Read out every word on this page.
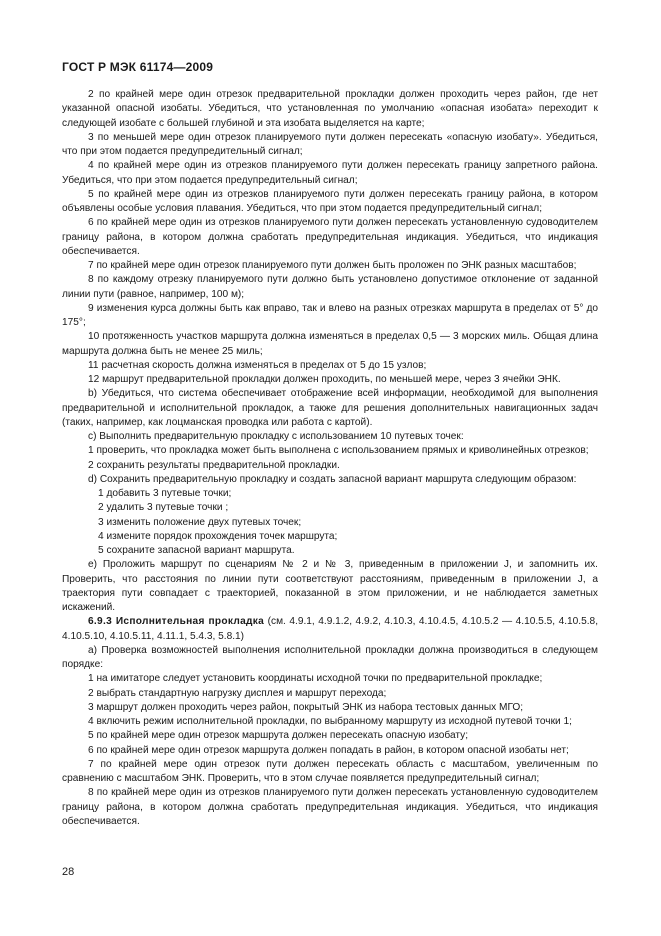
ГОСТ Р МЭК 61174—2009

2 по крайней мере один отрезок предварительной прокладки должен проходить через район, где нет указанной опасной изобаты. Убедиться, что установленная по умолчанию «опасная изобата» переходит к следующей изобате с большей глубиной и эта изобата выделяется на карте;

3 по меньшей мере один отрезок планируемого пути должен пересекать «опасную изобату». Убедиться, что при этом подается предупредительный сигнал;

4 по крайней мере один из отрезков планируемого пути должен пересекать границу запретного района. Убедиться, что при этом подается предупредительный сигнал;

5 по крайней мере один из отрезков планируемого пути должен пересекать границу района, в котором объявлены особые условия плавания. Убедиться, что при этом подается предупредительный сигнал;

6 по крайней мере один из отрезков планируемого пути должен пересекать установленную судоводителем границу района, в котором должна сработать предупредительная индикация. Убедиться, что индикация обеспечивается.

7 по крайней мере один отрезок планируемого пути должен быть проложен по ЭНК разных масштабов;

8 по каждому отрезку планируемого пути должно быть установлено допустимое отклонение от заданной линии пути (равное, например, 100 м);

9 изменения курса должны быть как вправо, так и влево на разных отрезках маршрута в пределах от 5° до 175°;

10 протяженность участков маршрута должна изменяться в пределах 0,5 — 3 морских миль. Общая длина маршрута должна быть не менее 25 миль;

11 расчетная скорость должна изменяться в пределах от 5 до 15 узлов;

12 маршрут предварительной прокладки должен проходить, по меньшей мере, через 3 ячейки ЭНК.

b) Убедиться, что система обеспечивает отображение всей информации, необходимой для выполнения предварительной и исполнительной прокладок, а также для решения дополнительных навигационных задач (таких, например, как лоцманская проводка или работа с картой).

c) Выполнить предварительную прокладку с использованием 10 путевых точек:

1 проверить, что прокладка может быть выполнена с использованием прямых и криволинейных отрезков;

2 сохранить результаты предварительной прокладки.

d) Сохранить предварительную прокладку и создать запасной вариант маршрута следующим образом:

1 добавить 3 путевые точки;

2 удалить 3 путевые точки ;

3 изменить положение двух путевых точек;

4 измените порядок прохождения точек маршрута;

5 сохраните запасной вариант маршрута.

e) Проложить маршрут по сценариям № 2 и № 3, приведенным в приложении J, и запомнить их. Проверить, что расстояния по линии пути соответствуют расстояниям, приведенным в приложении J, а траектория пути совпадает с траекторией, показанной в этом приложении, и не наблюдается заметных искажений.

6.9.3 Исполнительная прокладка (см. 4.9.1, 4.9.1.2, 4.9.2, 4.10.3, 4.10.4.5, 4.10.5.2 — 4.10.5.5, 4.10.5.8, 4.10.5.10, 4.10.5.11, 4.11.1, 5.4.3, 5.8.1)

a) Проверка возможностей выполнения исполнительной прокладки должна производиться в следующем порядке:

1 на имитаторе следует установить координаты исходной точки по предварительной прокладке;

2 выбрать стандартную нагрузку дисплея и маршрут перехода;

3 маршрут должен проходить через район, покрытый ЭНК из набора тестовых данных МГО;

4 включить режим исполнительной прокладки, по выбранному маршруту из исходной путевой точки 1;

5 по крайней мере один отрезок маршрута должен пересекать опасную изобату;

6 по крайней мере один отрезок маршрута должен попадать в район, в котором опасной изобаты нет;

7 по крайней мере один отрезок пути должен пересекать область с масштабом, увеличенным по сравнению с масштабом ЭНК. Проверить, что в этом случае появляется предупредительный сигнал;

8 по крайней мере один из отрезков планируемого пути должен пересекать установленную судоводителем границу района, в котором должна сработать предупредительная индикация. Убедиться, что индикация обеспечивается.

28
